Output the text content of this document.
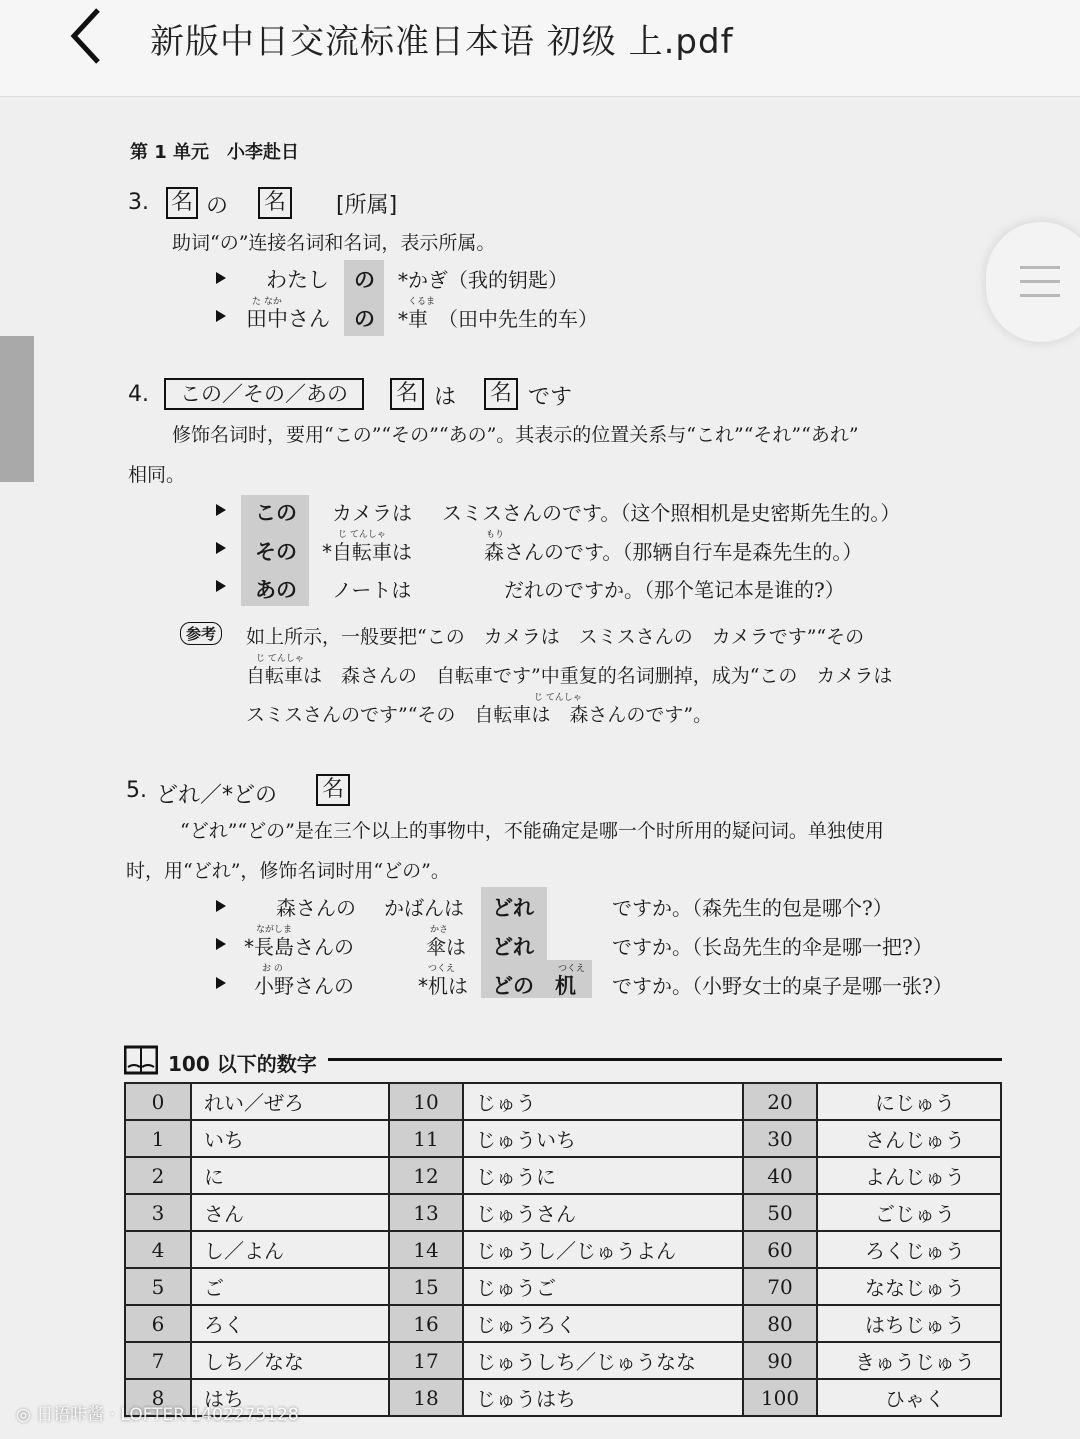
新版中日交流标准日本语 初级 上.pdf
第 1 单元　小李赴日
3. 名 の 名 [所属]
助词“の”连接名词和名词，表示所属。
わたし の *かぎ（我的钥匙）
た なか
田中さん の
くるま
*車　（田中先生的车）
4.	この／その／あの	名 は 名 です
修饰名词时，要用“この”“その”“あの”。其表示的位置关系与“これ”“それ”“あれ”
相同。
この カメラは スミスさんのです。（这个照相机是史密斯先生的。）
その
じ てんしゃ
*自転車は
もり
森さんのです。（那辆自行车是森先生的。）
あの ノートは	だれのですか。（那个笔记本是谁的?）
参考	如上所示，一般要把“この　カメラは　スミスさんの　カメラです”“その
じ てんしゃ
自転車は　森さんの　自転車です”中重复的名词删掉，成为“この　カメラは
じ てんしゃ
スミスさんのです”“その　自転車は　森さんのです”。
5. どれ／*どの 名
“どれ”“どの”是在三个以上的事物中，不能确定是哪一个时所用的疑问词。单独使用
时，用“どれ”，修饰名词时用“どの”。
森さんの かばんは どれ	ですか。（森先生的包是哪个?）
ながしま
*長島さんの
かさ
傘は どれ	ですか。（长岛先生的伞是哪一把?）
お の
小野さんの
つくえ
*机は
つくえ
どの　机 ですか。（小野女士的桌子是哪一张?）
100 以下的数字
0	れい／ぜろ	10	じゅう	20	にじゅう
1	いち	11	じゅういち	30	さんじゅう
2	に	12	じゅうに	40	よんじゅう
3	さん	13	じゅうさん	50	ごじゅう
4	し／よん	14	じゅうし／じゅうよん	60	ろくじゅう
5	ご	15	じゅうご	70	ななじゅう
6	ろく	16	じゅうろく	80	はちじゅう
7	しち／なな	17	じゅうしち／じゅうなな	90	きゅうじゅう
8	はち	18	じゅうはち	100	ひゃく
◎ 日语咔酱 · LOFTER 1402275128
